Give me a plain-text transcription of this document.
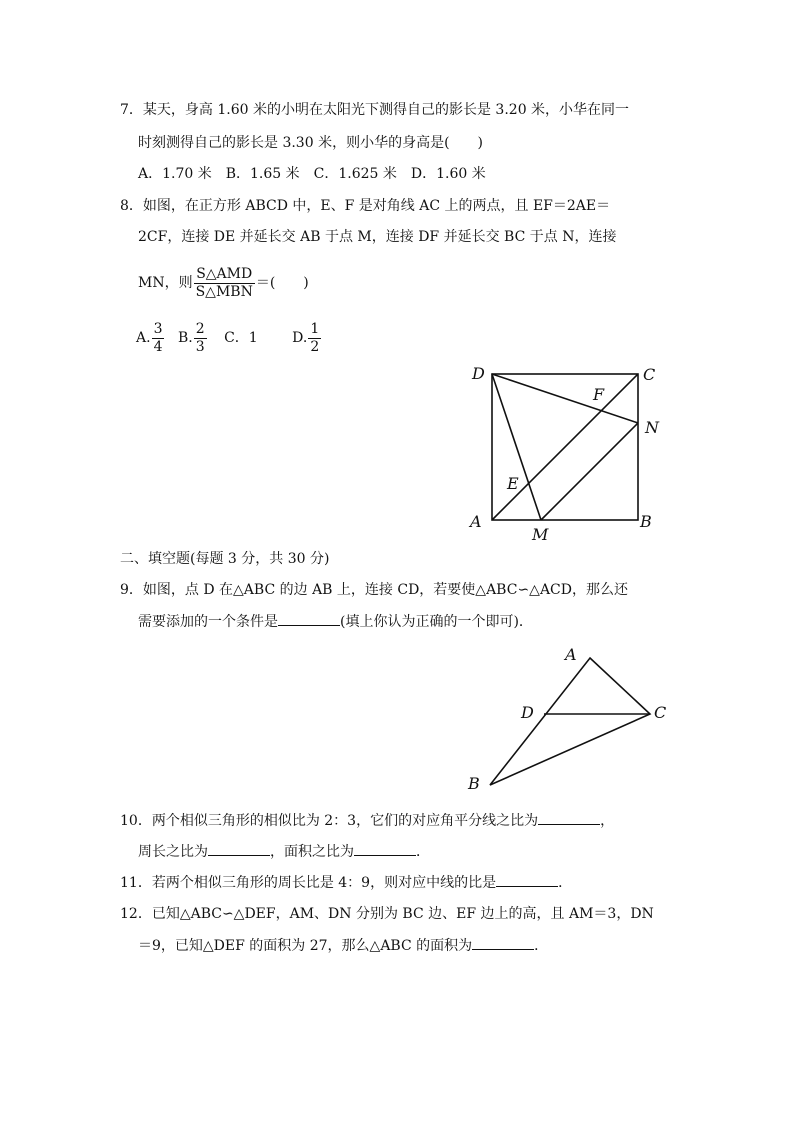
7．某天，身高 1.60 米的小明在太阳光下测得自己的影长是 3.20 米，小华在同一
时刻测得自己的影长是 3.30 米，则小华的身高是(　　)
A．1.70 米　B．1.65 米　C．1.625 米　D．1.60 米
8．如图，在正方形 ABCD 中，E、F 是对角线 AC 上的两点，且 EF＝2AE＝
2CF，连接 DE 并延长交 AB 于点 M，连接 DF 并延长交 BC 于点 N，连接
MN，则 $\frac{\text{S△AMD}}{\text{S△MBN}}$ ＝(　　)
A. $\frac{3}{4} B$. $\frac{2}{3}$ C．1 D. $\frac{1}{2}$
D	C
F
N
E
A	B
M
二、填空题(每题 3 分，共 30 分)
9．如图，点 D 在△ABC 的边 AB 上，连接 CD，若要使△ABC∽△ACD，那么还
需要添加的一个条件是	(填上你认为正确的一个即可)．
A
D	C
B
10．两个相似三角形的相似比为 2：3，它们的对应角平分线之比为	，
周长之比为	，面积之比为	．
11．若两个相似三角形的周长比是 4：9，则对应中线的比是	．
12．已知△ABC∽△DEF，AM、DN 分别为 BC 边、EF 边上的高，且 AM＝3，DN
＝9，已知△DEF 的面积为 27，那么△ABC 的面积为	．
